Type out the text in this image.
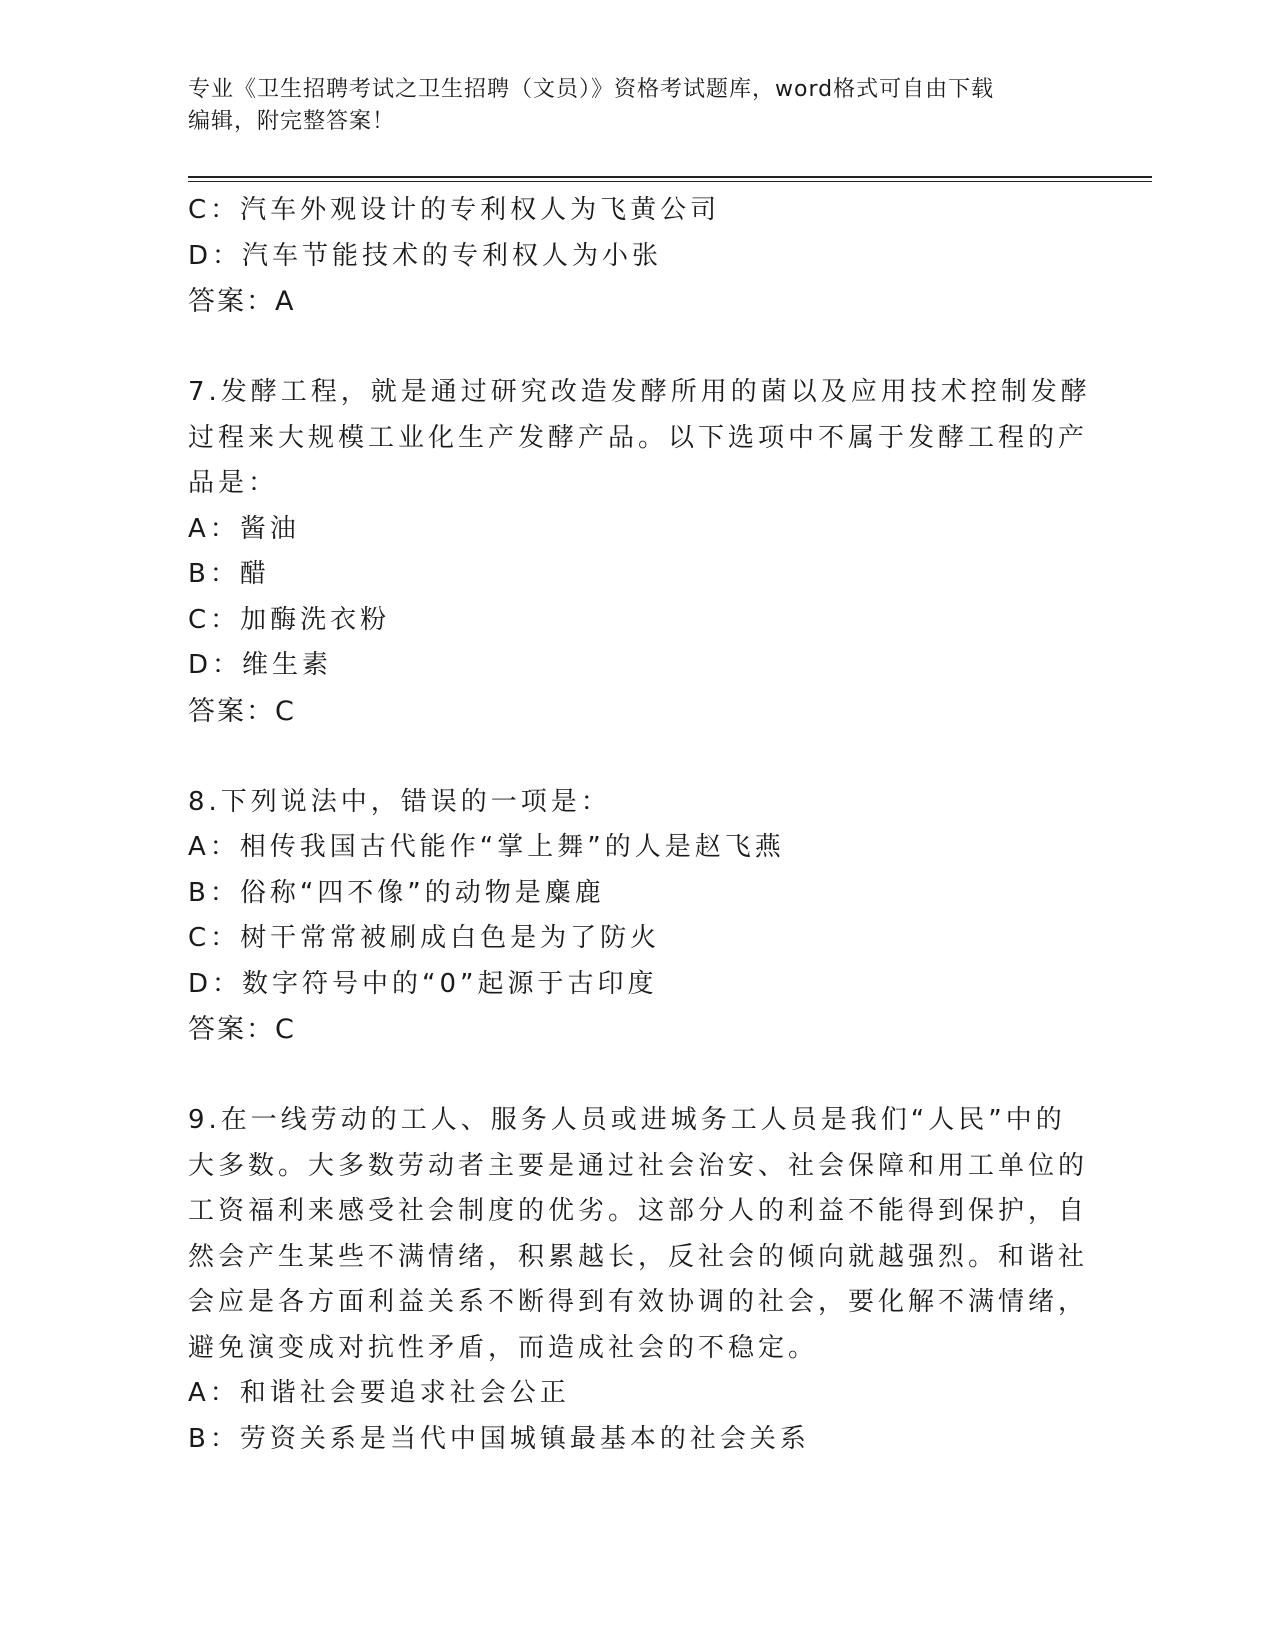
专业《卫生招聘考试之卫生招聘（文员）》资格考试题库，word格式可自由下载
编辑，附完整答案！
C：汽车外观设计的专利权人为飞黄公司
D：汽车节能技术的专利权人为小张
答案：A
7.发酵工程，就是通过研究改造发酵所用的菌以及应用技术控制发酵
过程来大规模工业化生产发酵产品。以下选项中不属于发酵工程的产
品是：
A：酱油
B：醋
C：加酶洗衣粉
D：维生素
答案：C
8.下列说法中，错误的一项是：
A：相传我国古代能作“掌上舞”的人是赵飞燕
B：俗称“四不像”的动物是麋鹿
C：树干常常被刷成白色是为了防火
D：数字符号中的“0”起源于古印度
答案：C
9.在一线劳动的工人、服务人员或进城务工人员是我们“人民”中的
大多数。大多数劳动者主要是通过社会治安、社会保障和用工单位的
工资福利来感受社会制度的优劣。这部分人的利益不能得到保护，自
然会产生某些不满情绪，积累越长，反社会的倾向就越强烈。和谐社
会应是各方面利益关系不断得到有效协调的社会，要化解不满情绪，
避免演变成对抗性矛盾，而造成社会的不稳定。
A：和谐社会要追求社会公正
B：劳资关系是当代中国城镇最基本的社会关系
